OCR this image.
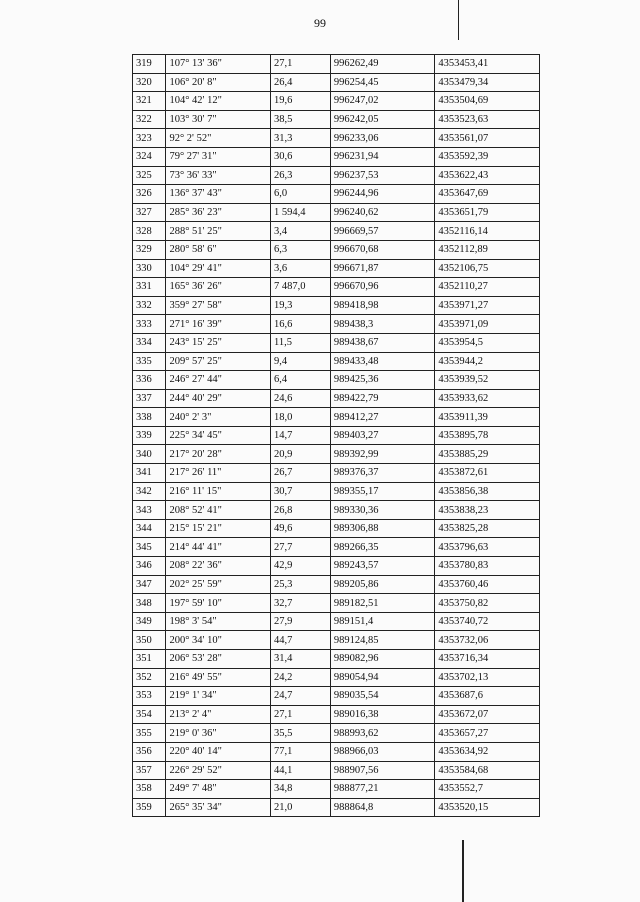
99
319	107° 13' 36"	27,1	996262,49	4353453,41
320	106° 20' 8"	26,4	996254,45	4353479,34
321	104° 42' 12"	19,6	996247,02	4353504,69
322	103° 30' 7"	38,5	996242,05	4353523,63
323	92° 2' 52"	31,3	996233,06	4353561,07
324	79° 27' 31"	30,6	996231,94	4353592,39
325	73° 36' 33"	26,3	996237,53	4353622,43
326	136° 37' 43"	6,0	996244,96	4353647,69
327	285° 36' 23"	1 594,4	996240,62	4353651,79
328	288° 51' 25"	3,4	996669,57	4352116,14
329	280° 58' 6"	6,3	996670,68	4352112,89
330	104° 29' 41"	3,6	996671,87	4352106,75
331	165° 36' 26"	7 487,0	996670,96	4352110,27
332	359° 27' 58"	19,3	989418,98	4353971,27
333	271° 16' 39"	16,6	989438,3	4353971,09
334	243° 15' 25"	11,5	989438,67	4353954,5
335	209° 57' 25"	9,4	989433,48	4353944,2
336	246° 27' 44"	6,4	989425,36	4353939,52
337	244° 40' 29"	24,6	989422,79	4353933,62
338	240° 2' 3"	18,0	989412,27	4353911,39
339	225° 34' 45"	14,7	989403,27	4353895,78
340	217° 20' 28"	20,9	989392,99	4353885,29
341	217° 26' 11"	26,7	989376,37	4353872,61
342	216° 11' 15"	30,7	989355,17	4353856,38
343	208° 52' 41"	26,8	989330,36	4353838,23
344	215° 15' 21"	49,6	989306,88	4353825,28
345	214° 44' 41"	27,7	989266,35	4353796,63
346	208° 22' 36"	42,9	989243,57	4353780,83
347	202° 25' 59"	25,3	989205,86	4353760,46
348	197° 59' 10"	32,7	989182,51	4353750,82
349	198° 3' 54"	27,9	989151,4	4353740,72
350	200° 34' 10"	44,7	989124,85	4353732,06
351	206° 53' 28"	31,4	989082,96	4353716,34
352	216° 49' 55"	24,2	989054,94	4353702,13
353	219° 1' 34"	24,7	989035,54	4353687,6
354	213° 2' 4"	27,1	989016,38	4353672,07
355	219° 0' 36"	35,5	988993,62	4353657,27
356	220° 40' 14"	77,1	988966,03	4353634,92
357	226° 29' 52"	44,1	988907,56	4353584,68
358	249° 7' 48"	34,8	988877,21	4353552,7
359	265° 35' 34"	21,0	988864,8	4353520,15
